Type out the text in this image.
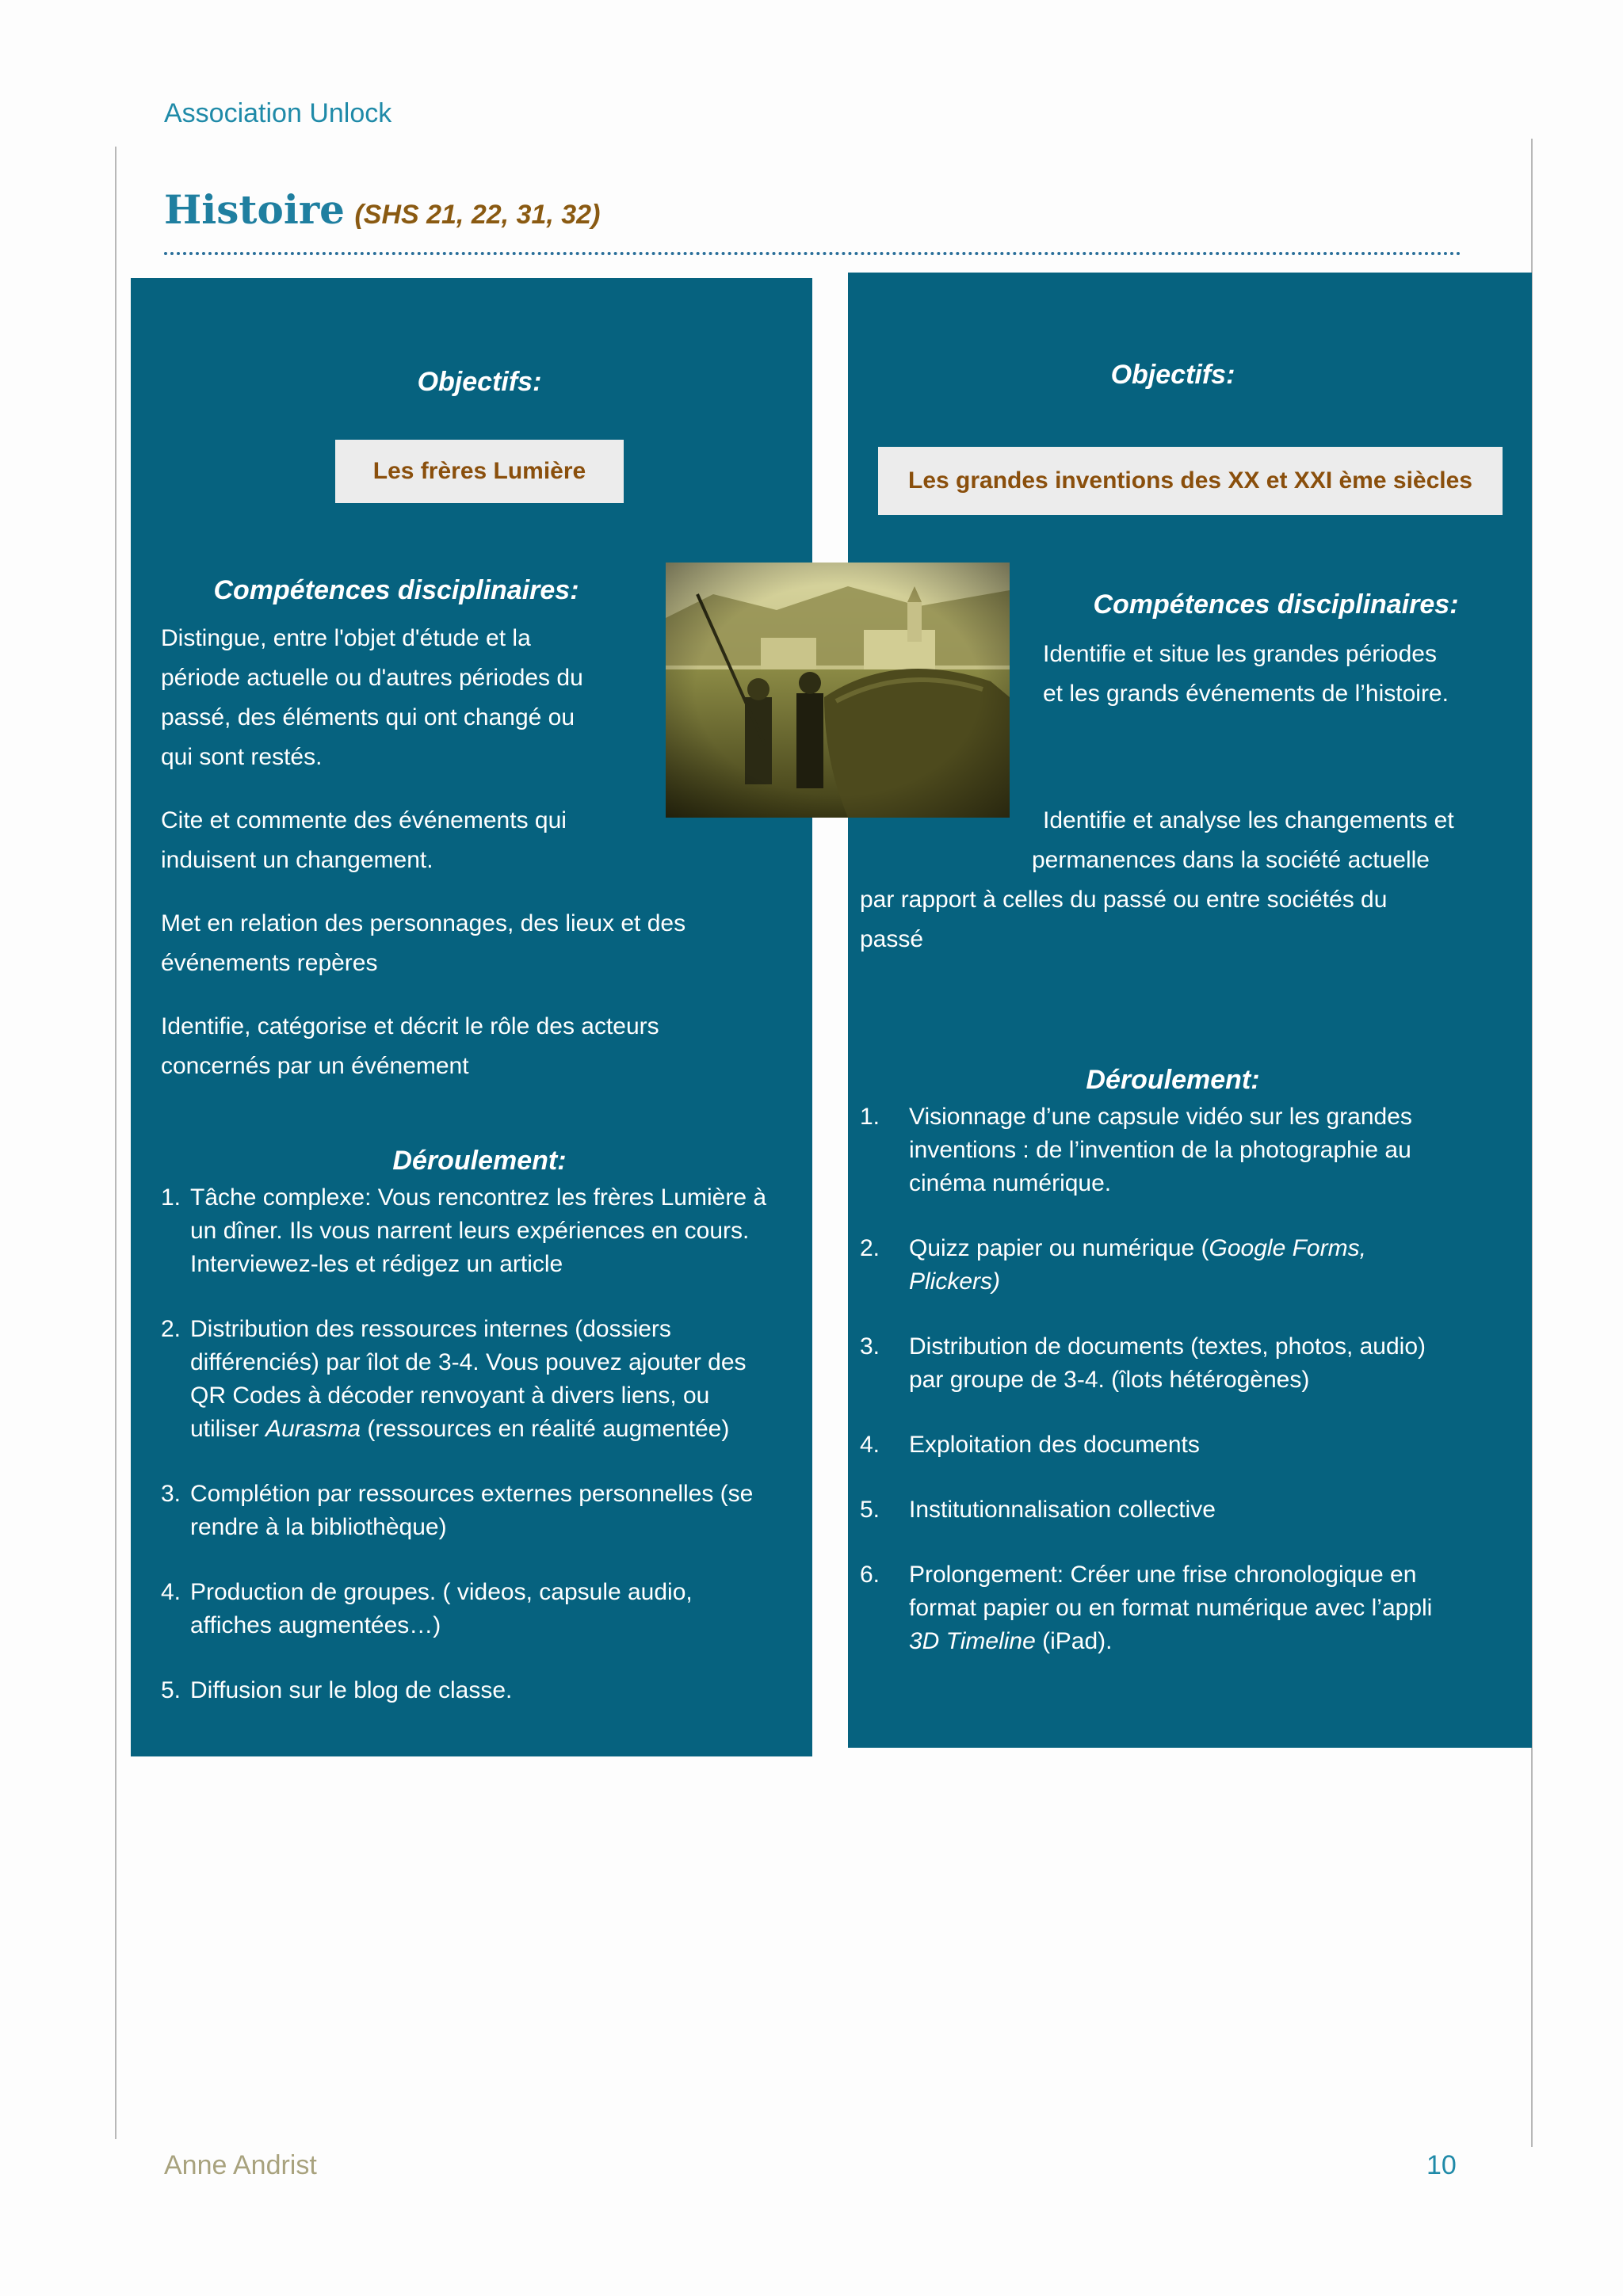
Association Unlock
Histoire (SHS 21, 22, 31, 32)
Objectifs:
Les frères Lumière
Compétences disciplinaires:

Distingue, entre l'objet d'étude et la

période actuelle ou d'autres périodes du

passé, des éléments qui ont changé ou

qui sont restés.

Cite et commente des événements qui

induisent un changement.

Met en relation des personnages, des lieux et des

événements repères

Identifie, catégorise et décrit le rôle des acteurs

concernés par un événement

Déroulement:
1. Tâche complexe: Vous rencontrez les frères Lumière à
un dîner. Ils vous narrent leurs expériences en cours.
Interviewez-les et rédigez un article
2. Distribution des ressources internes (dossiers
différenciés) par îlot de 3-4. Vous pouvez ajouter des
QR Codes à décoder renvoyant à divers liens, ou
utiliser Aurasma (ressources en réalité augmentée)
3. Complétion par ressources externes personnelles (se
rendre à la bibliothèque)
4. Production de groupes. ( videos, capsule audio,
affiches augmentées…)
5. Diffusion sur le blog de classe.
Objectifs:
Les grandes inventions des XX et XXI ème siècles
Compétences disciplinaires:

Identifie et situe les grandes périodes

et les grands événements de l’histoire.

Identifie et analyse les changements et

permanences dans la société actuelle

par rapport à celles du passé ou entre sociétés du

passé

Déroulement:
1. Visionnage d’une capsule vidéo sur les grandes
inventions : de l’invention de la photographie au
cinéma numérique.
2. Quizz papier ou numérique (Google Forms,
Plickers)
3. Distribution de documents (textes, photos, audio)
par groupe de 3-4. (îlots hétérogènes)
4. Exploitation des documents
5. Institutionnalisation collective
6. Prolongement: Créer une frise chronologique en
format papier ou en format numérique avec l’appli
3D Timeline (iPad).
Anne Andrist	10
